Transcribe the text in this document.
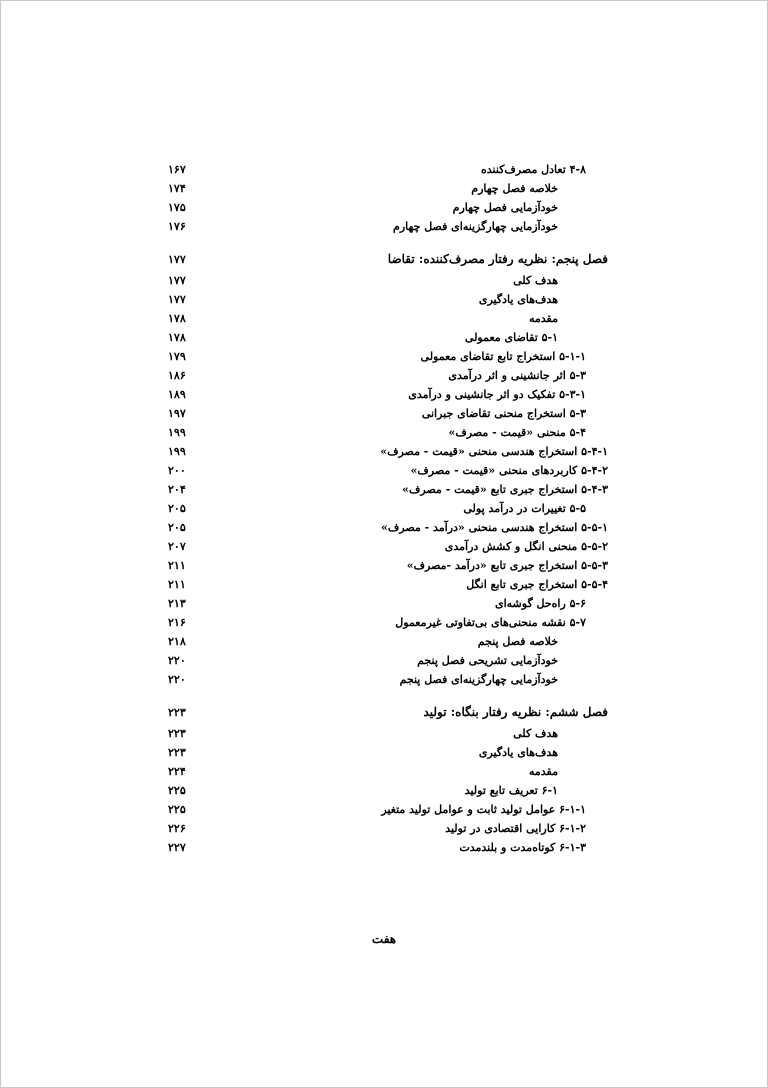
۱۶۷	۴-۸ تعادل مصرف‌کننده
۱۷۴	خلاصه فصل چهارم
۱۷۵	خودآزمایی فصل چهارم
۱۷۶	خودآزمایی چهارگزینه‌ای فصل چهارم
۱۷۷	فصل پنجم: نظریه رفتار مصرف‌کننده: تقاضا
۱۷۷	هدف کلی
۱۷۷	هدف‌های یادگیری
۱۷۸	مقدمه
۱۷۸	۵-۱ تقاضای معمولی
۱۷۹	۵-۱-۱ استخراج تابع تقاضای معمولی
۱۸۶	۵-۳ اثر جانشینی و اثر درآمدی
۱۸۹	۵-۳-۱ تفکیک دو اثر جانشینی و درآمدی
۱۹۷	۵-۳ استخراج منحنی تقاضای جبرانی
۱۹۹	۵-۴ منحنی «قیمت - مصرف»
۱۹۹	۵-۴-۱ استخراج هندسی منحنی «قیمت - مصرف»
۲۰۰	۵-۴-۲ کاربردهای منحنی «قیمت - مصرف»
۲۰۴	۵-۴-۳ استخراج جبری تابع «قیمت - مصرف»
۲۰۵	۵-۵ تغییرات در درآمد پولی
۲۰۵	۵-۵-۱ استخراج هندسی منحنی «درآمد - مصرف»
۲۰۷	۵-۵-۲ منحنی انگل و کشش درآمدی
۲۱۱	۵-۵-۳ استخراج جبری تابع «درآمد -مصرف»
۲۱۱	۵-۵-۴ استخراج جبری تابع انگل
۲۱۳	۵-۶ راه‌حل گوشه‌ای
۲۱۶	۵-۷ نقشه منحنی‌های بی‌تفاوتی غیرمعمول
۲۱۸	خلاصه فصل پنجم
۲۲۰	خودآزمایی تشریحی فصل پنجم
۲۲۰	خودآزمایی چهارگزینه‌ای فصل پنجم
۲۲۳	فصل ششم: نظریه رفتار بنگاه: تولید
۲۲۳	هدف کلی
۲۲۳	هدف‌های یادگیری
۲۲۴	مقدمه
۲۲۵	۶-۱ تعریف تابع تولید
۲۲۵	۶-۱-۱ عوامل تولید ثابت و عوامل تولید متغیر
۲۲۶	۶-۱-۲ کارایی اقتصادی در تولید
۲۲۷	۶-۱-۳ کوتاه‌مدت و بلندمدت
هفت
